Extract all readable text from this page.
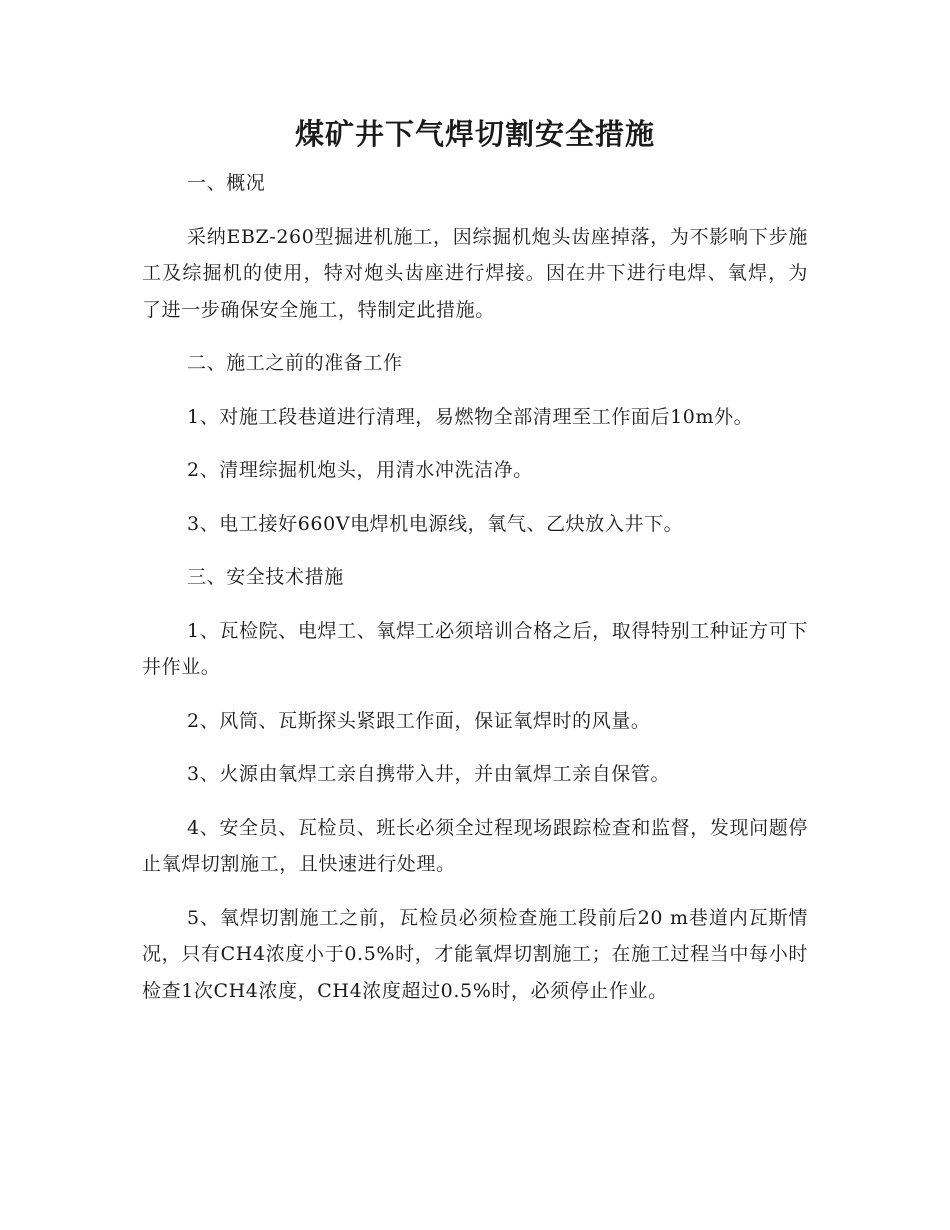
煤矿井下气焊切割安全措施

一、概况

采纳EBZ-260型掘进机施工，因综掘机炮头齿座掉落，为不影响下步施工及综掘机的使用，特对炮头齿座进行焊接。因在井下进行电焊、氧焊，为了进一步确保安全施工，特制定此措施。

二、施工之前的准备工作

1、对施工段巷道进行清理，易燃物全部清理至工作面后10m外。

2、清理综掘机炮头，用清水冲洗洁净。

3、电工接好660V电焊机电源线，氧气、乙炔放入井下。

三、安全技术措施

1、瓦检院、电焊工、氧焊工必须培训合格之后，取得特别工种证方可下井作业。

2、风筒、瓦斯探头紧跟工作面，保证氧焊时的风量。

3、火源由氧焊工亲自携带入井，并由氧焊工亲自保管。

4、安全员、瓦检员、班长必须全过程现场跟踪检查和监督，发现问题停止氧焊切割施工，且快速进行处理。

5、氧焊切割施工之前，瓦检员必须检查施工段前后20 m巷道内瓦斯情况，只有CH4浓度小于0.5%时，才能氧焊切割施工；在施工过程当中每小时检查1次CH4浓度，CH4浓度超过0.5%时，必须停止作业。
